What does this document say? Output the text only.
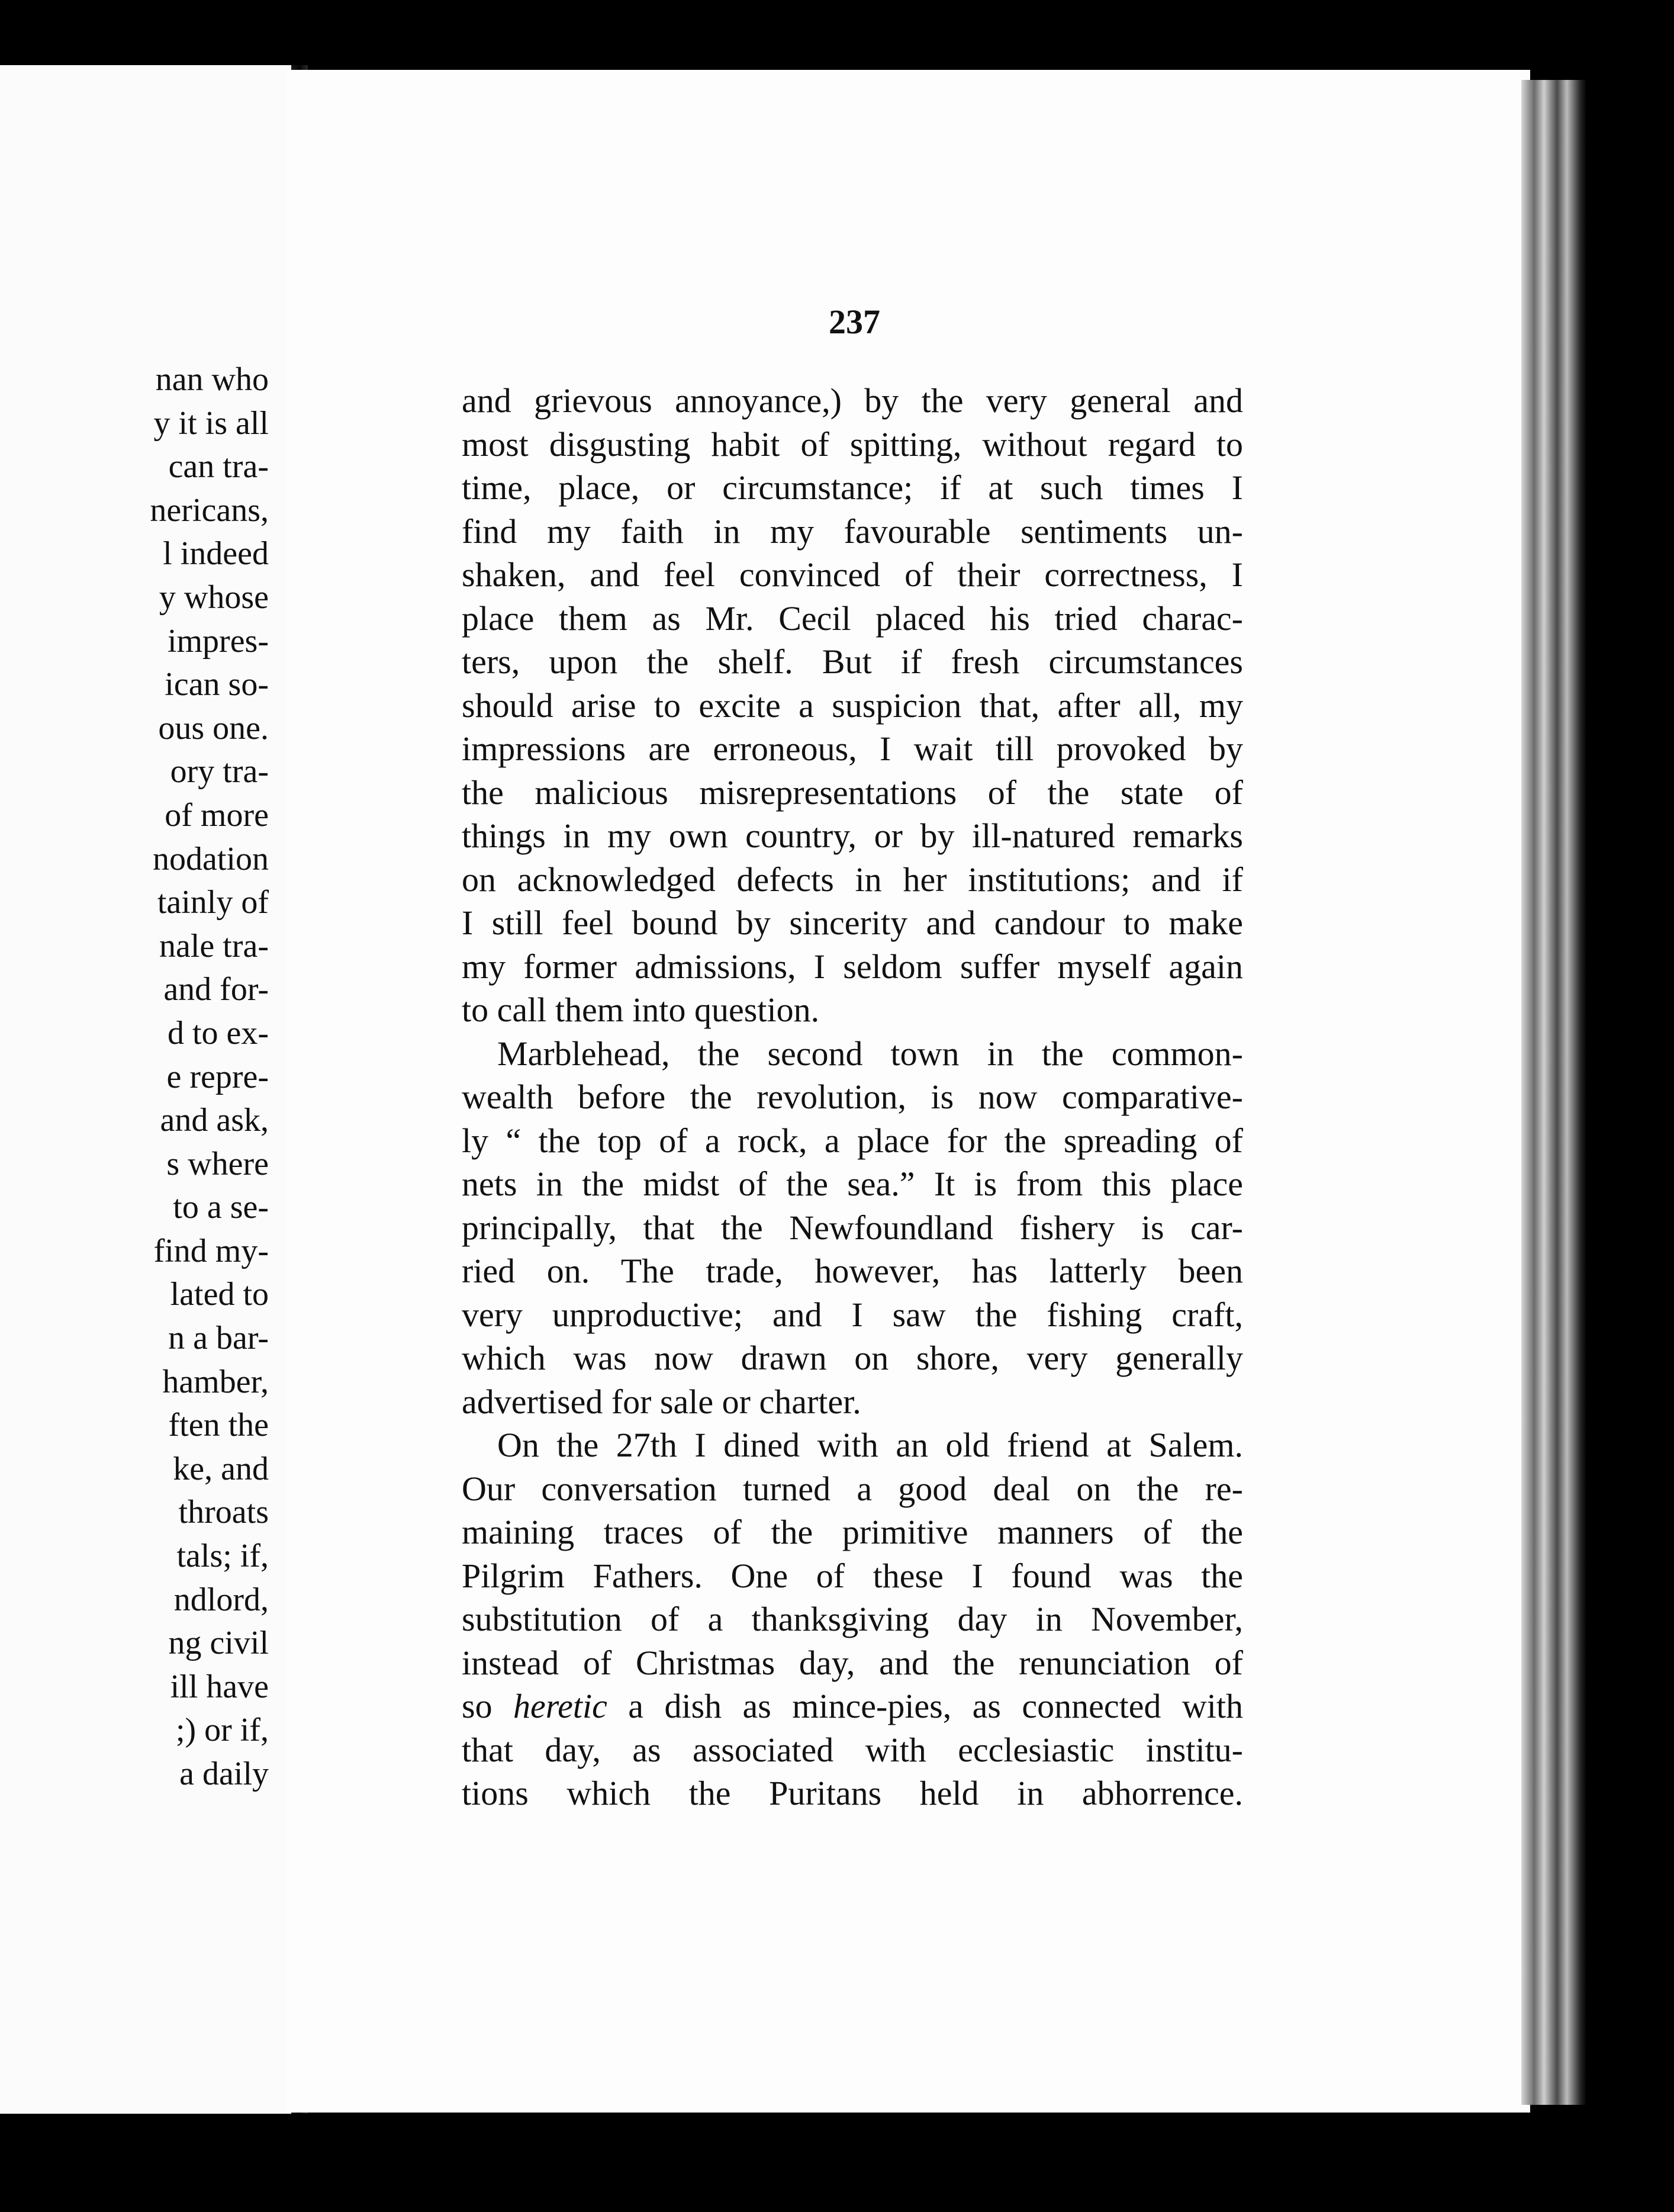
nan who
y it is all
can tra-
nericans,
l indeed
y whose
impres-
ican so-
ous one.
ory tra-
of more
nodation
tainly of
nale tra-
and for-
d to ex-
e repre-
and ask,
s where
to a se-
find my-
lated to
n a bar-
hamber,
ften the
ke, and
throats
tals; if,
ndlord,
ng civil
ill have
;) or if,
a daily
237
and grievous annoyance,) by the very general and
most disgusting habit of spitting, without regard to
time, place, or circumstance; if at such times I
find my faith in my favourable sentiments un-
shaken, and feel convinced of their correctness, I
place them as Mr. Cecil placed his tried charac-
ters, upon the shelf. But if fresh circumstances
should arise to excite a suspicion that, after all, my
impressions are erroneous, I wait till provoked by
the malicious misrepresentations of the state of
things in my own country, or by ill-natured remarks
on acknowledged defects in her institutions; and if
I still feel bound by sincerity and candour to make
my former admissions, I seldom suffer myself again
to call them into question.
Marblehead, the second town in the common-
wealth before the revolution, is now comparative-
ly “ the top of a rock, a place for the spreading of
nets in the midst of the sea.” It is from this place
principally, that the Newfoundland fishery is car-
ried on. The trade, however, has latterly been
very unproductive; and I saw the fishing craft,
which was now drawn on shore, very generally
advertised for sale or charter.
On the 27th I dined with an old friend at Salem.
Our conversation turned a good deal on the re-
maining traces of the primitive manners of the
Pilgrim Fathers. One of these I found was the
substitution of a thanksgiving day in November,
instead of Christmas day, and the renunciation of
so heretic a dish as mince-pies, as connected with
that day, as associated with ecclesiastic institu-
tions which the Puritans held in abhorrence.
